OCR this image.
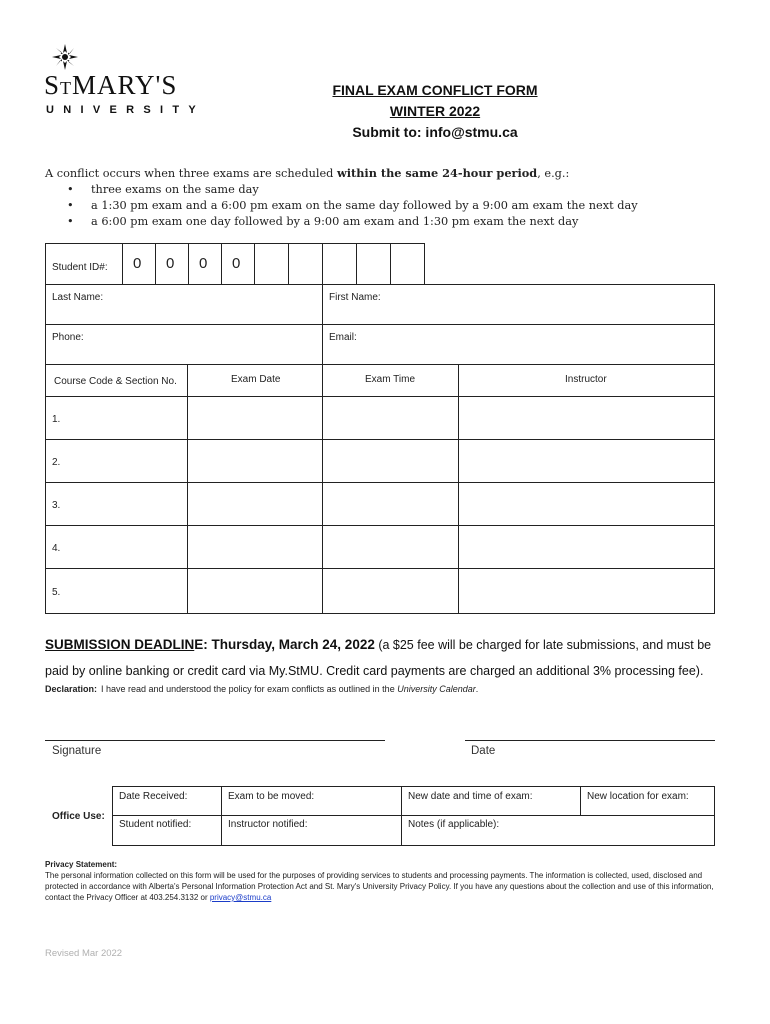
STMARY'S
UNIVERSITY
FINAL EXAM CONFLICT FORM
WINTER 2022
Submit to: info@stmu.ca

A conflict occurs when three exams are scheduled within the same 24-hour period, e.g.:

• three exams on the same day
• a 1:30 pm exam and a 6:00 pm exam on the same day followed by a 9:00 am exam the next day
• a 6:00 pm exam one day followed by a 9:00 am exam and 1:30 pm exam the next day
Student ID#: 0 0 0 0
Last Name:	First Name:
Phone:	Email:
Course Code & Section No.	Exam Date	Exam Time	Instructor
1.
2.
3.
4.
5.
SUBMISSION DEADLINE: Thursday, March 24, 2022 (a $25 fee will be charged for late submissions, and must be paid by online banking or credit card via My.StMU. Credit card payments are charged an additional 3% processing fee).
Declaration: I have read and understood the policy for exam conflicts as outlined in the University Calendar.
Signature	Date
Office Use:
Date Received:	Exam to be moved:	New date and time of exam:	New location for exam:
Student notified:	Instructor notified:	Notes (if applicable):
Privacy Statement:
The personal information collected on this form will be used for the purposes of providing services to students and processing payments. The information is collected, used, disclosed and protected in accordance with Alberta's Personal Information Protection Act and St. Mary's University Privacy Policy. If you have any questions about the collection and use of this information, contact the Privacy Officer at 403.254.3132 or privacy@stmu.ca
Revised Mar 2022
